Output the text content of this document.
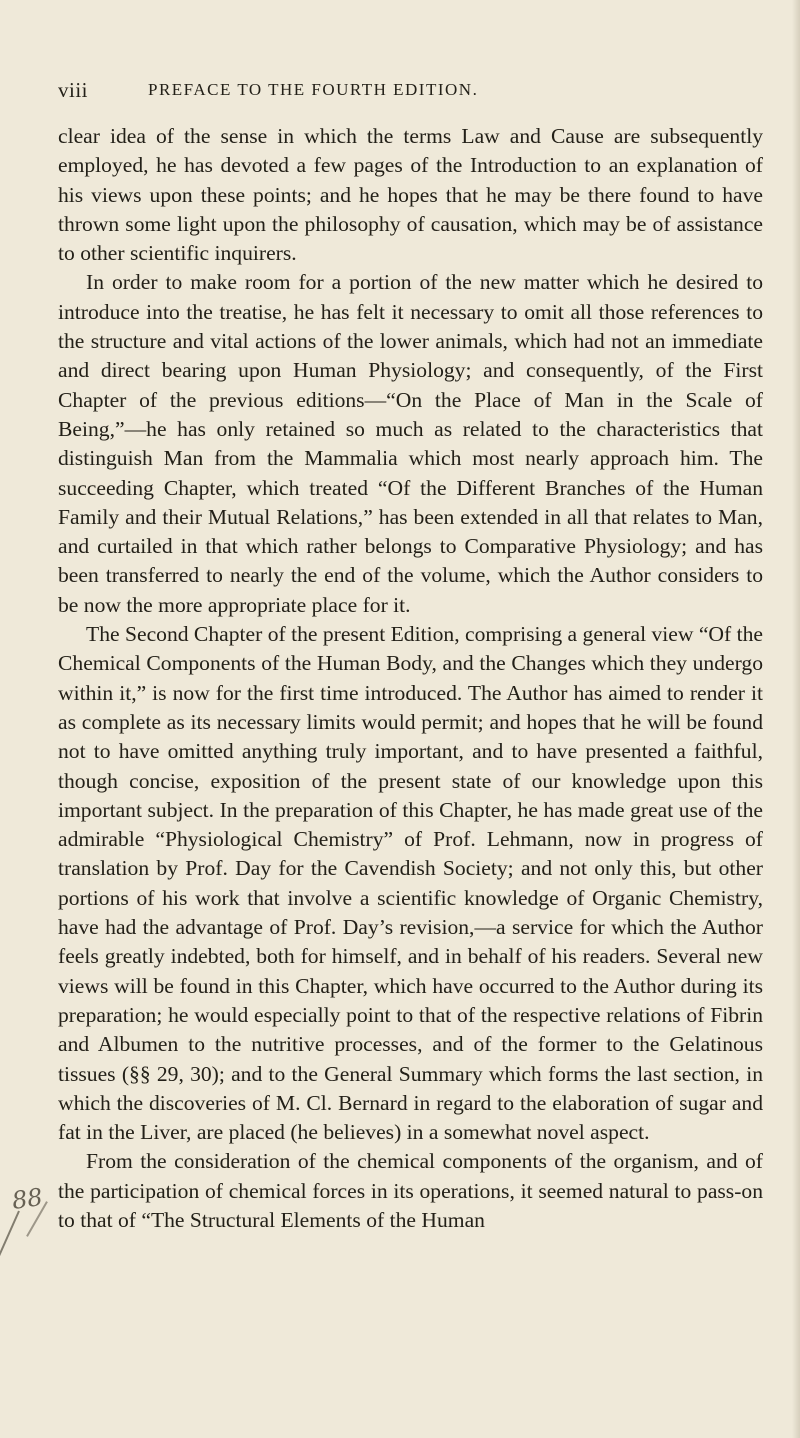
viii	PREFACE TO THE FOURTH EDITION.

clear idea of the sense in which the terms Law and Cause are subsequently employed, he has devoted a few pages of the Introduction to an explanation of his views upon these points; and he hopes that he may be there found to have thrown some light upon the philosophy of causation, which may be of assistance to other scientific inquirers.

In order to make room for a portion of the new matter which he desired to introduce into the treatise, he has felt it necessary to omit all those references to the structure and vital actions of the lower animals, which had not an immediate and direct bearing upon Human Physiology; and consequently, of the First Chapter of the previous editions—“On the Place of Man in the Scale of Being,”—he has only retained so much as related to the characteristics that distinguish Man from the Mammalia which most nearly approach him. The succeeding Chapter, which treated “Of the Different Branches of the Human Family and their Mutual Relations,” has been extended in all that relates to Man, and curtailed in that which rather belongs to Comparative Physiology; and has been transferred to nearly the end of the volume, which the Author considers to be now the more appropriate place for it.

The Second Chapter of the present Edition, comprising a general view “Of the Chemical Components of the Human Body, and the Changes which they undergo within it,” is now for the first time introduced. The Author has aimed to render it as complete as its necessary limits would permit; and hopes that he will be found not to have omitted anything truly important, and to have presented a faithful, though concise, exposition of the present state of our knowledge upon this important subject. In the preparation of this Chapter, he has made great use of the admirable “Physiological Chemistry” of Prof. Lehmann, now in progress of translation by Prof. Day for the Cavendish Society; and not only this, but other portions of his work that involve a scientific knowledge of Organic Chemistry, have had the advantage of Prof. Day’s revision,—a service for which the Author feels greatly indebted, both for himself, and in behalf of his readers. Several new views will be found in this Chapter, which have occurred to the Author during its preparation; he would especially point to that of the respective relations of Fibrin and Albumen to the nutritive processes, and of the former to the Gelatinous tissues (§§ 29, 30); and to the General Summary which forms the last section, in which the discoveries of M. Cl. Bernard in regard to the elaboration of sugar and fat in the Liver, are placed (he believes) in a somewhat novel aspect.

From the consideration of the chemical components of the organism, and of the participation of chemical forces in its operations, it seemed natural to pass-on to that of “The Structural Elements of the Human

88
